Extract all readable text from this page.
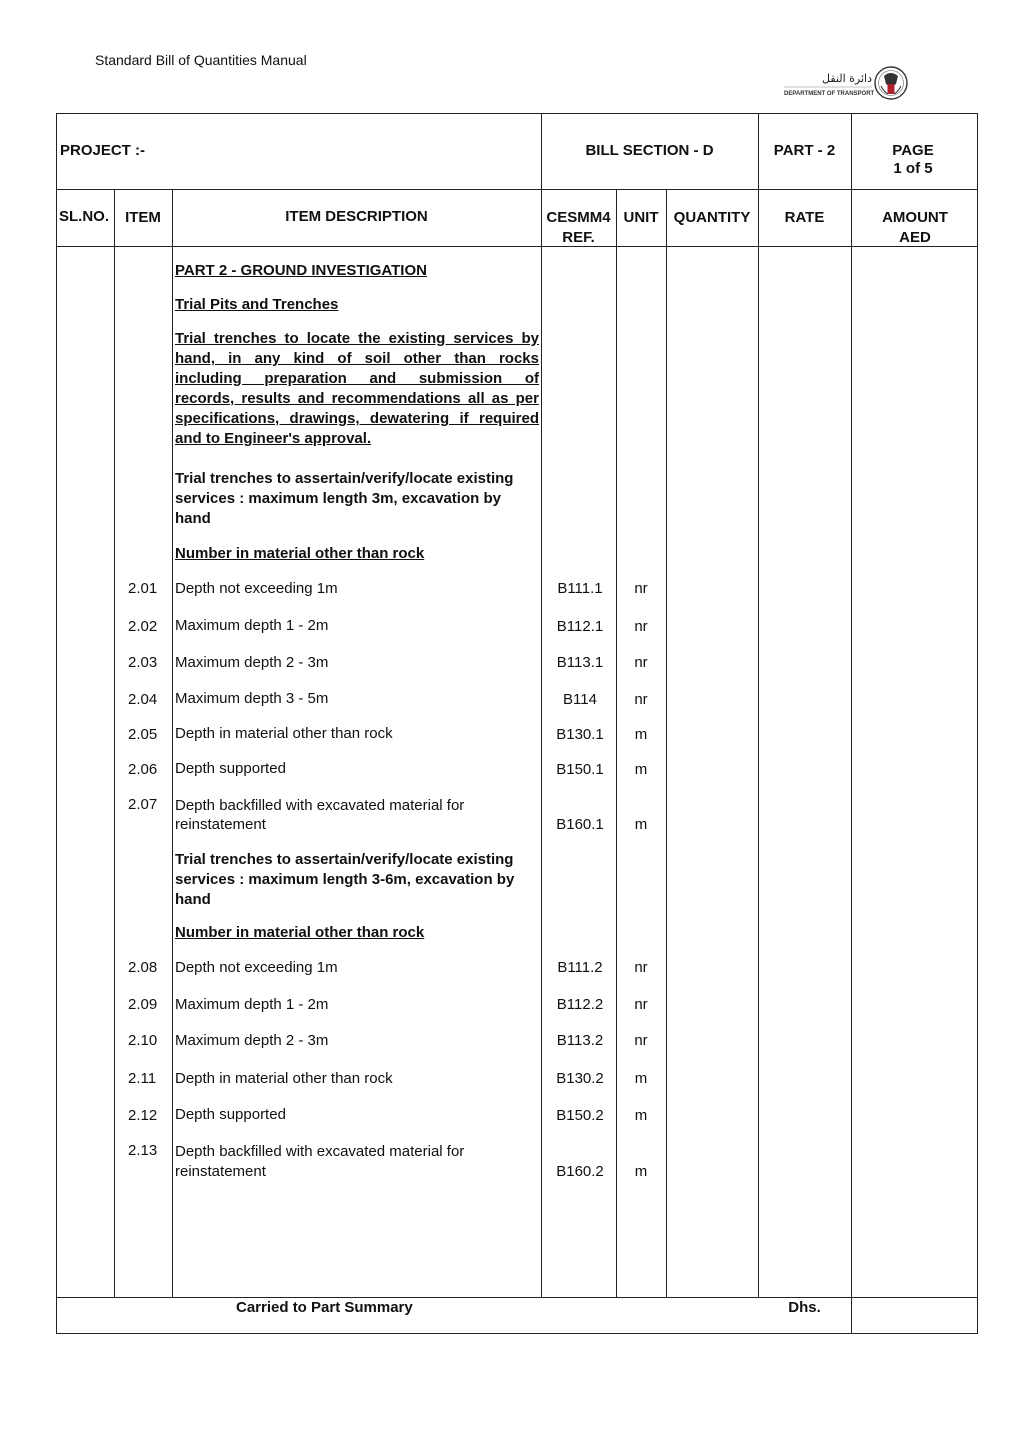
Standard Bill of Quantities Manual
دائرة النقل
DEPARTMENT OF TRANSPORT
PROJECT :-	BILL SECTION - D	PART - 2	PAGE
1 of 5
SL.NO.	ITEM	ITEM DESCRIPTION	CESMM4
REF.
UNIT	QUANTITY	RATE	AMOUNT
AED
PART 2 - GROUND INVESTIGATION
Trial Pits and Trenches
Trial trenches to locate the existing services by
hand, in any kind of soil other than rocks
including preparation and submission of
records, results and recommendations all as per
specifications, drawings, dewatering if required
and to Engineer's approval.
Trial trenches to assertain/verify/locate existing
services : maximum length 3m, excavation by
hand
Number in material other than rock
2.01 Depth not exceeding 1m	B111.1	nr
2.02 Maximum depth 1 - 2m	B112.1	nr
2.03 Maximum depth 2 - 3m	B113.1	nr
2.04 Maximum depth 3 - 5m	B114	nr
2.05 Depth in material other than rock	B130.1	m
2.06 Depth supported	B150.1	m
2.07 Depth backfilled with excavated material for
reinstatement	B160.1	m
Trial trenches to assertain/verify/locate existing
services : maximum length 3-6m, excavation by
hand
Number in material other than rock
2.08 Depth not exceeding 1m	B111.2	nr
2.09 Maximum depth 1 - 2m	B112.2	nr
2.10 Maximum depth 2 - 3m	B113.2	nr
2.11 Depth in material other than rock	B130.2	m
2.12 Depth supported	B150.2	m
2.13 Depth backfilled with excavated material for
reinstatement	B160.2	m
Carried to Part Summary	Dhs.
